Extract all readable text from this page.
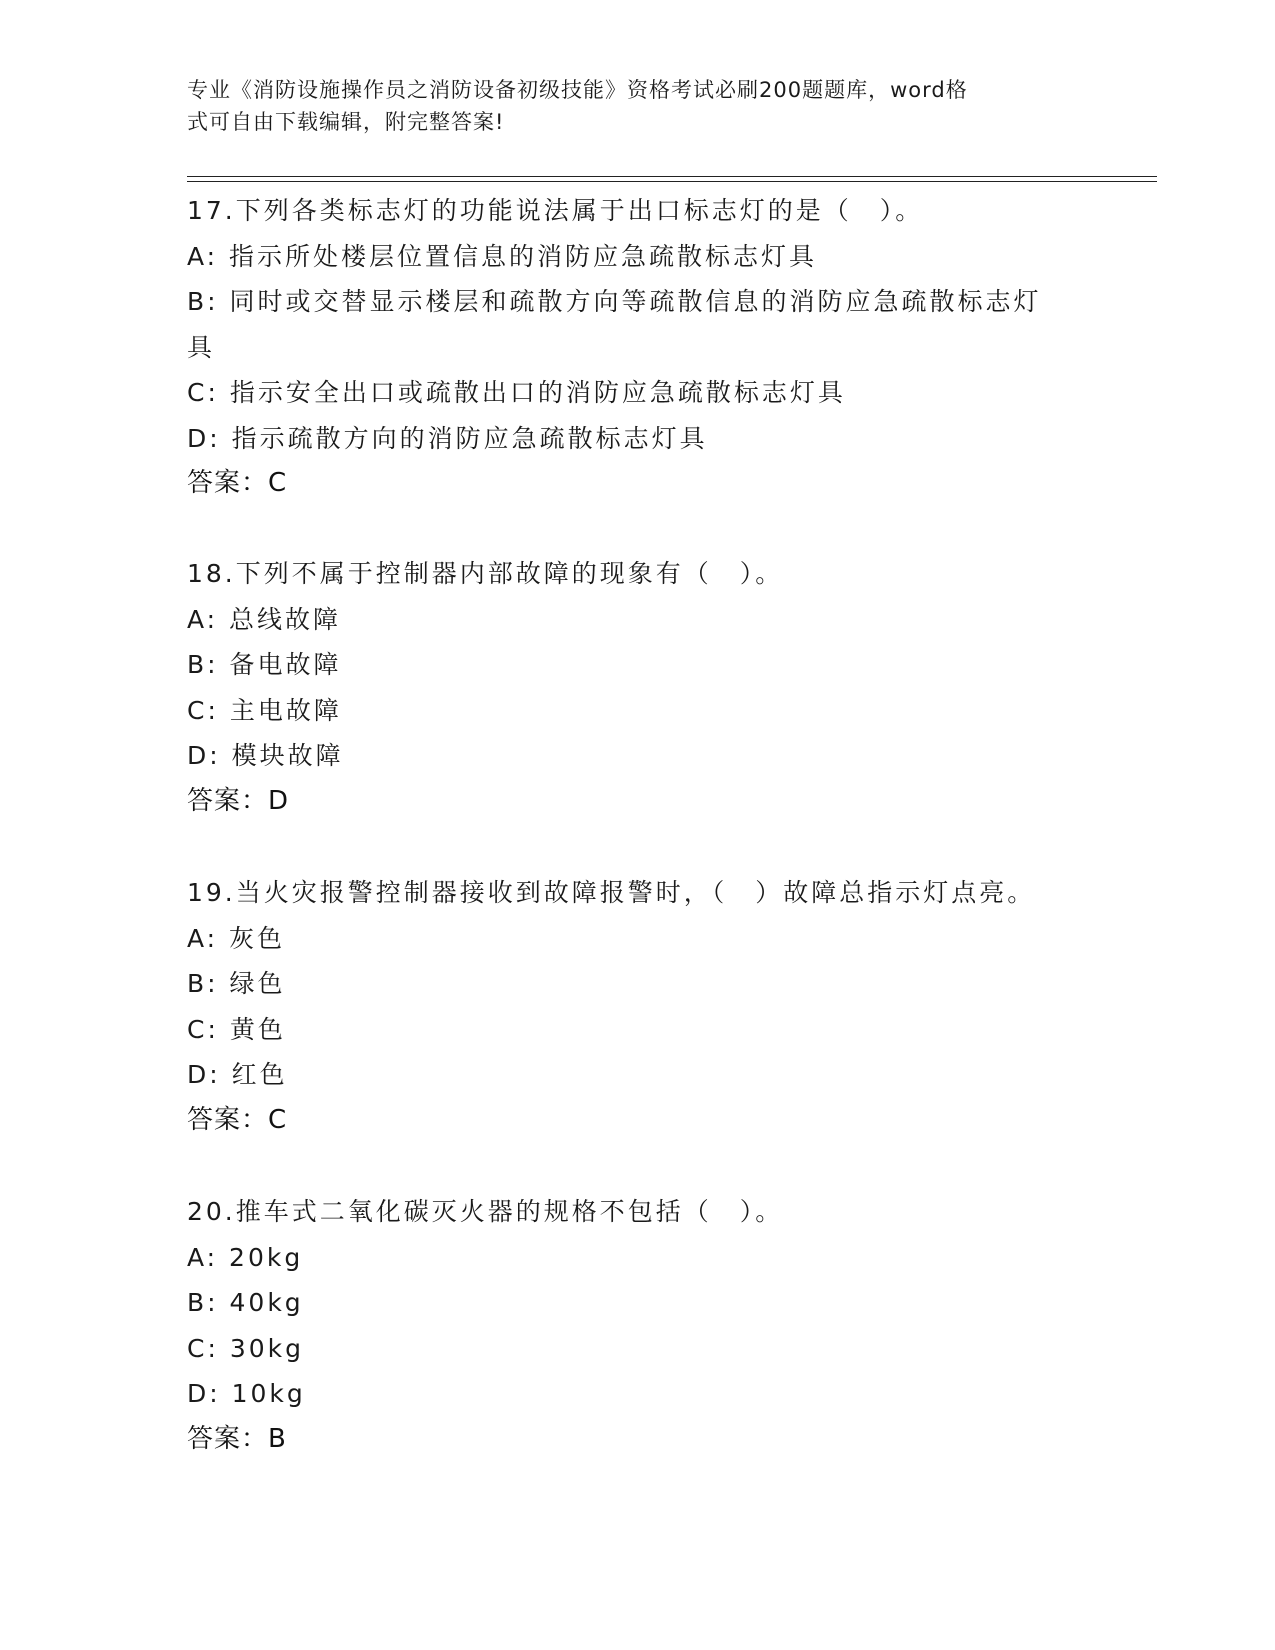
专业《消防设施操作员之消防设备初级技能》资格考试必刷200题题库，word格
式可自由下载编辑，附完整答案!
17.下列各类标志灯的功能说法属于出口标志灯的是（　）。
A: 指示所处楼层位置信息的消防应急疏散标志灯具
B: 同时或交替显示楼层和疏散方向等疏散信息的消防应急疏散标志灯
具
C: 指示安全出口或疏散出口的消防应急疏散标志灯具
D: 指示疏散方向的消防应急疏散标志灯具
答案：C
18.下列不属于控制器内部故障的现象有（　）。
A: 总线故障
B: 备电故障
C: 主电故障
D: 模块故障
答案：D
19.当火灾报警控制器接收到故障报警时，（　）故障总指示灯点亮。
A: 灰色
B: 绿色
C: 黄色
D: 红色
答案：C
20.推车式二氧化碳灭火器的规格不包括（　）。
A: 20kg
B: 40kg
C: 30kg
D: 10kg
答案：B
